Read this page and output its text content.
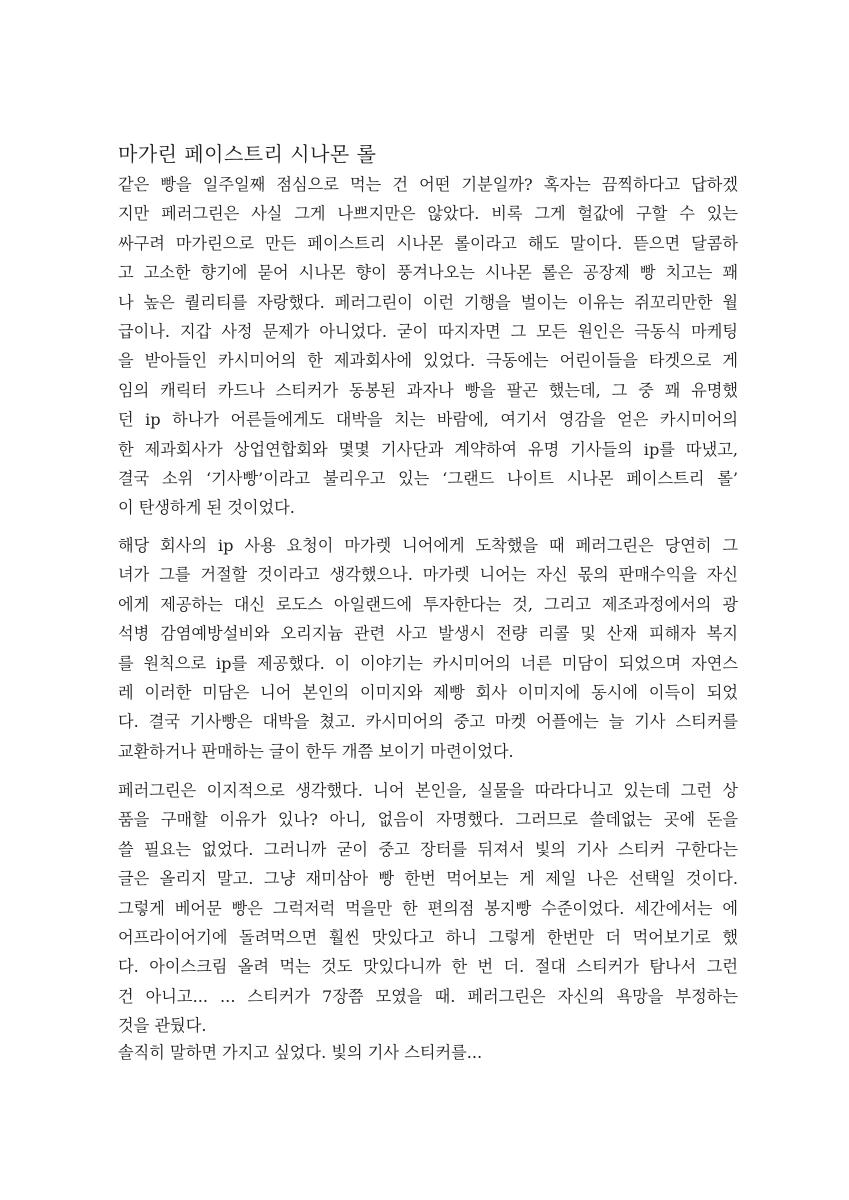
마가린 페이스트리 시나몬 롤
같은 빵을 일주일째 점심으로 먹는 건 어떤 기분일까? 혹자는 끔찍하다고 답하겠
지만 페러그린은 사실 그게 나쁘지만은 않았다. 비록 그게 헐값에 구할 수 있는
싸구려 마가린으로 만든 페이스트리 시나몬 롤이라고 해도 말이다. 뜯으면 달콤하
고 고소한 향기에 묻어 시나몬 향이 풍겨나오는 시나몬 롤은 공장제 빵 치고는 꽤
나 높은 퀄리티를 자랑했다. 페러그린이 이런 기행을 벌이는 이유는 쥐꼬리만한 월
급이나. 지갑 사정 문제가 아니었다. 굳이 따지자면 그 모든 원인은 극동식 마케팅
을 받아들인 카시미어의 한 제과회사에 있었다. 극동에는 어린이들을 타겟으로 게
임의 캐릭터 카드나 스티커가 동봉된 과자나 빵을 팔곤 했는데, 그 중 꽤 유명했
던 ip 하나가 어른들에게도 대박을 치는 바람에, 여기서 영감을 얻은 카시미어의
한 제과회사가 상업연합회와 몇몇 기사단과 계약하여 유명 기사들의 ip를 따냈고,
결국 소위 ‘기사빵’이라고 불리우고 있는 ‘그랜드 나이트 시나몬 페이스트리 롤’
이 탄생하게 된 것이었다.
해당 회사의 ip 사용 요청이 마가렛 니어에게 도착했을 때 페러그린은 당연히 그
녀가 그를 거절할 것이라고 생각했으나. 마가렛 니어는 자신 몫의 판매수익을 자신
에게 제공하는 대신 로도스 아일랜드에 투자한다는 것, 그리고 제조과정에서의 광
석병 감염예방설비와 오리지늄 관련 사고 발생시 전량 리콜 및 산재 피해자 복지
를 원칙으로 ip를 제공했다. 이 이야기는 카시미어의 너른 미담이 되었으며 자연스
레 이러한 미담은 니어 본인의 이미지와 제빵 회사 이미지에 동시에 이득이 되었
다. 결국 기사빵은 대박을 쳤고. 카시미어의 중고 마켓 어플에는 늘 기사 스티커를
교환하거나 판매하는 글이 한두 개쯤 보이기 마련이었다.
페러그린은 이지적으로 생각했다. 니어 본인을, 실물을 따라다니고 있는데 그런 상
품을 구매할 이유가 있나? 아니, 없음이 자명했다. 그러므로 쓸데없는 곳에 돈을
쓸 필요는 없었다. 그러니까 굳이 중고 장터를 뒤져서 빛의 기사 스티커 구한다는
글은 올리지 말고. 그냥 재미삼아 빵 한번 먹어보는 게 제일 나은 선택일 것이다.
그렇게 베어문 빵은 그럭저럭 먹을만 한 편의점 봉지빵 수준이었다. 세간에서는 에
어프라이어기에 돌려먹으면 훨씬 맛있다고 하니 그렇게 한번만 더 먹어보기로 했
다. 아이스크림 올려 먹는 것도 맛있다니까 한 번 더. 절대 스티커가 탐나서 그런
건 아니고... ... 스티커가 7장쯤 모였을 때. 페러그린은 자신의 욕망을 부정하는
것을 관뒀다.
솔직히 말하면 가지고 싶었다. 빛의 기사 스티커를...
